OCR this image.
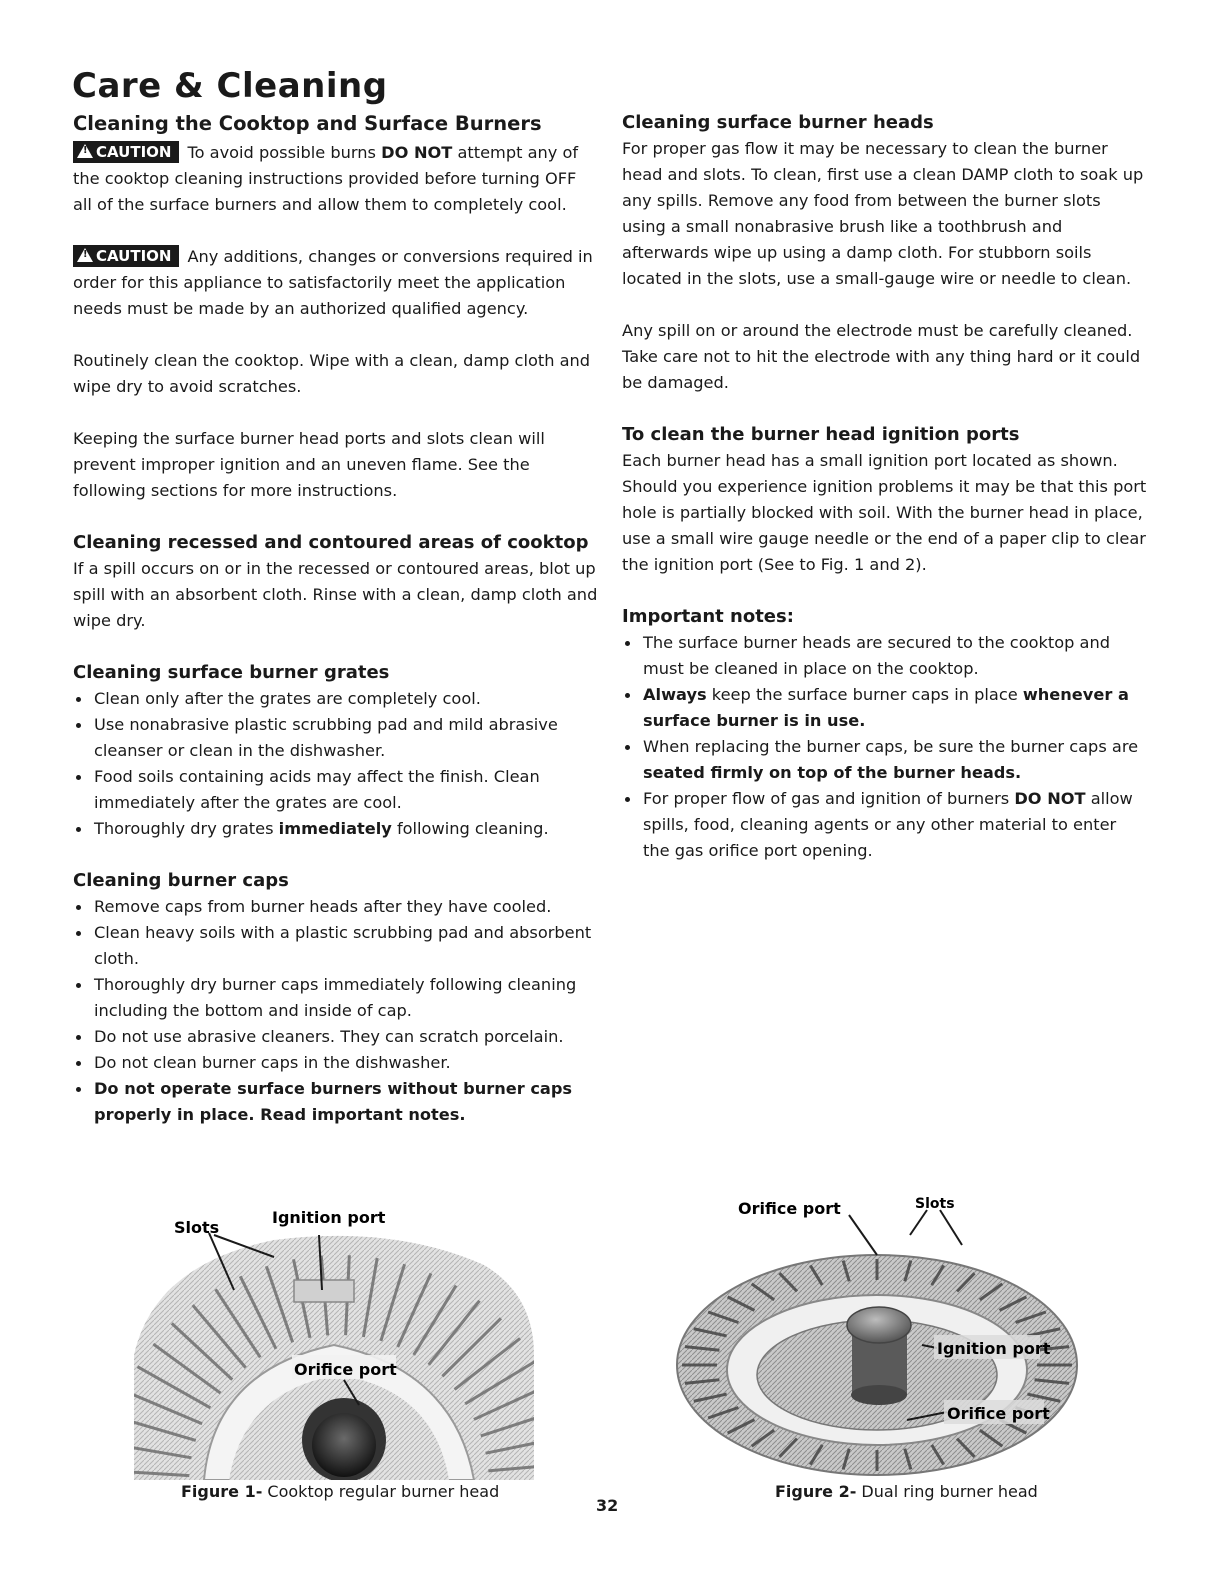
Care & Cleaning
Cleaning the Cooktop and Surface Burners

!CAUTION To avoid possible burns DO NOT attempt any of the cooktop cleaning instructions provided before turning OFF all of the surface burners and allow them to completely cool.

!CAUTION Any additions, changes or conversions required in order for this appliance to satisfactorily meet the application needs must be made by an authorized qualified agency.

Routinely clean the cooktop. Wipe with a clean, damp cloth and wipe dry to avoid scratches.

Keeping the surface burner head ports and slots clean will prevent improper ignition and an uneven flame. See the following sections for more instructions.

Cleaning recessed and contoured areas of cooktop

If a spill occurs on or in the recessed or contoured areas, blot up spill with an absorbent cloth. Rinse with a clean, damp cloth and wipe dry.

Cleaning surface burner grates
Clean only after the grates are completely cool.
Use nonabrasive plastic scrubbing pad and mild abrasive cleanser or clean in the dishwasher.
Food soils containing acids may affect the finish. Clean immediately after the grates are cool.
Thoroughly dry grates immediately following cleaning.
Cleaning burner caps
Remove caps from burner heads after they have cooled.
Clean heavy soils with a plastic scrubbing pad and absorbent cloth.
Thoroughly dry burner caps immediately following cleaning including the bottom and inside of cap.
Do not use abrasive cleaners. They can scratch porcelain.
Do not clean burner caps in the dishwasher.
Do not operate surface burners without burner caps properly in place. Read important notes.
Cleaning surface burner heads

For proper gas flow it may be necessary to clean the burner head and slots. To clean, first use a clean DAMP cloth to soak up any spills. Remove any food from between the burner slots using a small nonabrasive brush like a toothbrush and afterwards wipe up using a damp cloth. For stubborn soils located in the slots, use a small-gauge wire or needle to clean.

Any spill on or around the electrode must be carefully cleaned. Take care not to hit the electrode with any thing hard or it could be damaged.

To clean the burner head ignition ports

Each burner head has a small ignition port located as shown. Should you experience ignition problems it may be that this port hole is partially blocked with soil. With the burner head in place, use a small wire gauge needle or the end of a paper clip to clear the ignition port (See to Fig. 1 and 2).

Important notes:
The surface burner heads are secured to the cooktop and must be cleaned in place on the cooktop.
Always keep the surface burner caps in place whenever a surface burner is in use.
When replacing the burner caps, be sure the burner caps are seated firmly on top of the burner heads.
For proper flow of gas and ignition of burners DO NOT allow spills, food, cleaning agents or any other material to enter the gas orifice port opening.
Slots
Ignition port
Orifice port
Figure 1- Cooktop regular burner head
Orifice port	Slots
Ignition port
Orifice port
Figure 2- Dual ring burner head
32
